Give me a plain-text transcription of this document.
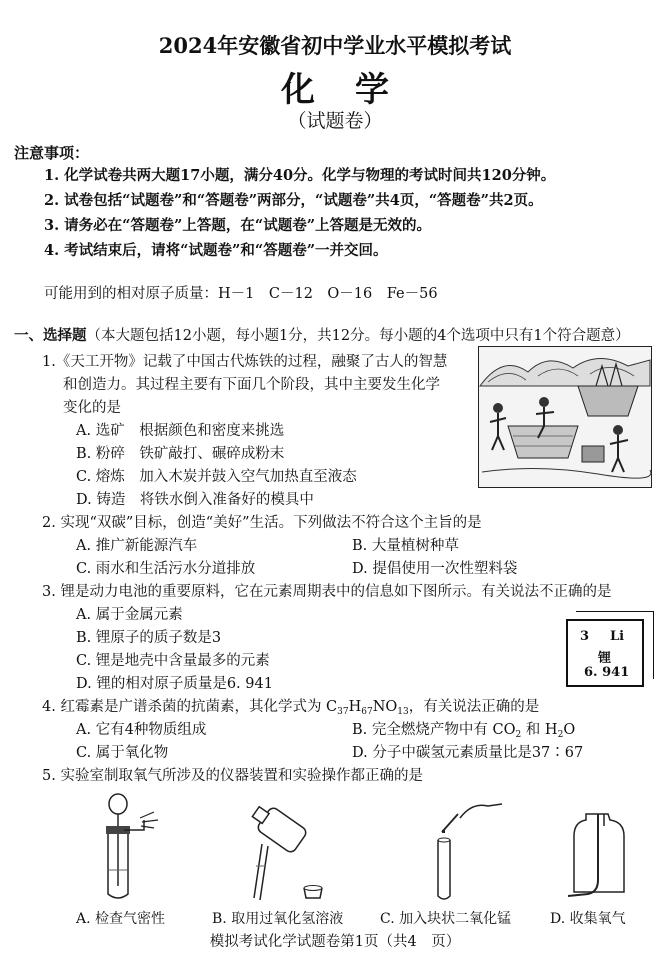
2024年安徽省初中学业水平模拟考试
化学
（试题卷）
注意事项：
1. 化学试卷共两大题17小题，满分40分。化学与物理的考试时间共120分钟。
2. 试卷包括“试题卷”和“答题卷”两部分，“试题卷”共4页，“答题卷”共2页。
3. 请务必在“答题卷”上答题，在“试题卷”上答题是无效的。
4. 考试结束后，请将“试题卷”和“答题卷”一并交回。
可能用到的相对原子质量：H－1　C－12　O－16　Fe－56
一、选择题（本大题包括12小题，每小题1分，共12分。每小题的4个选项中只有1个符合题意）
1.《天工开物》记载了中国古代炼铁的过程，融聚了古人的智慧
和创造力。其过程主要有下面几个阶段，其中主要发生化学
变化的是
A. 选矿　根据颜色和密度来挑选
B. 粉碎　铁矿敲打、碾碎成粉末
C. 熔炼　加入木炭并鼓入空气加热直至液态
D. 铸造　将铁水倒入准备好的模具中
2. 实现“双碳”目标，创造“美好”生活。下列做法不符合这个主旨的是
A. 推广新能源汽车	B. 大量植树种草
C. 雨水和生活污水分道排放	D. 提倡使用一次性塑料袋
3. 锂是动力电池的重要原料，它在元素周期表中的信息如下图所示。有关说法不正确的是
A. 属于金属元素
B. 锂原子的质子数是3
C. 锂是地壳中含量最多的元素
D. 锂的相对原子质量是6. 941
3 Li
锂
6. 941
4. 红霉素是广谱杀菌的抗菌素，其化学式为 $C_{37}H_{67}NO_{13}$，有关说法正确的是
A. 它有4种物质组成	B. 完全燃烧产物中有 $CO_2$ 和 $H_2O$
C. 属于氧化物	D. 分子中碳氢元素质量比是37∶67
5. 实验室制取氧气所涉及的仪器装置和实验操作都正确的是
A. 检查气密性	B. 取用过氧化氢溶液	C. 加入块状二氧化锰	D. 收集氧气
模拟考试化学试题卷第1页（共4　页）
